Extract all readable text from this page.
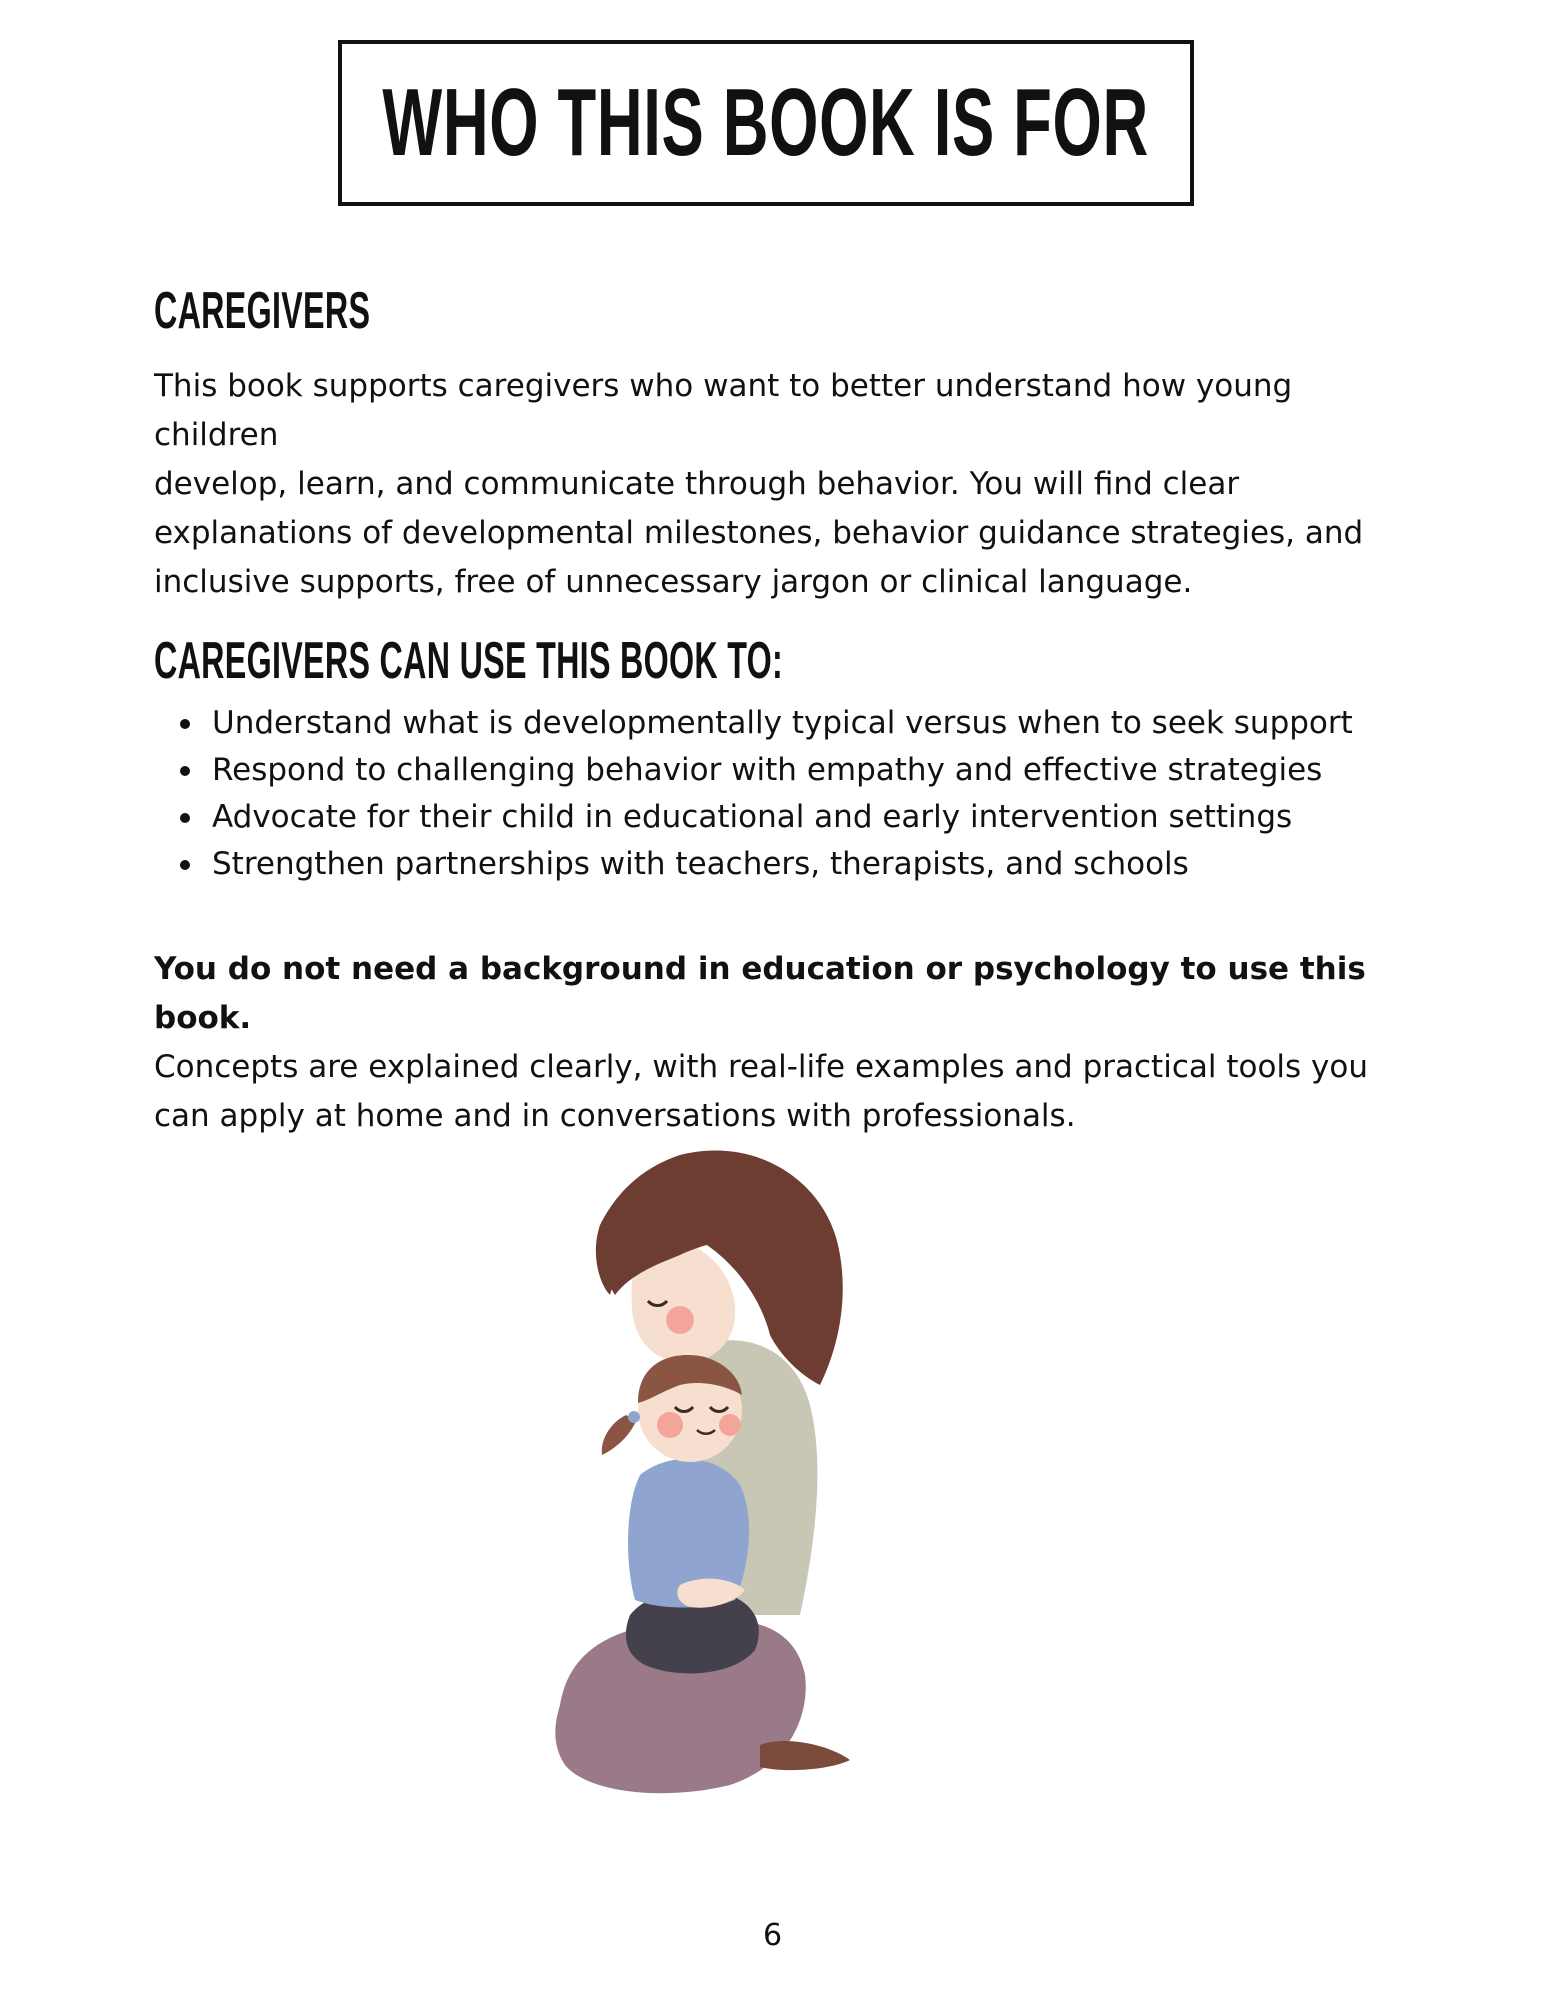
WHO THIS BOOK IS FOR
CAREGIVERS

This book supports caregivers who want to better understand how young children
develop, learn, and communicate through behavior. You will find clear
explanations of developmental milestones, behavior guidance strategies, and
inclusive supports, free of unnecessary jargon or clinical language.

CAREGIVERS CAN USE THIS BOOK TO:
Understand what is developmentally typical versus when to seek support
Respond to challenging behavior with empathy and effective strategies
Advocate for their child in educational and early intervention settings
Strengthen partnerships with teachers, therapists, and schools

You do not need a background in education or psychology to use this book.
Concepts are explained clearly, with real-life examples and practical tools you
can apply at home and in conversations with professionals.

6
